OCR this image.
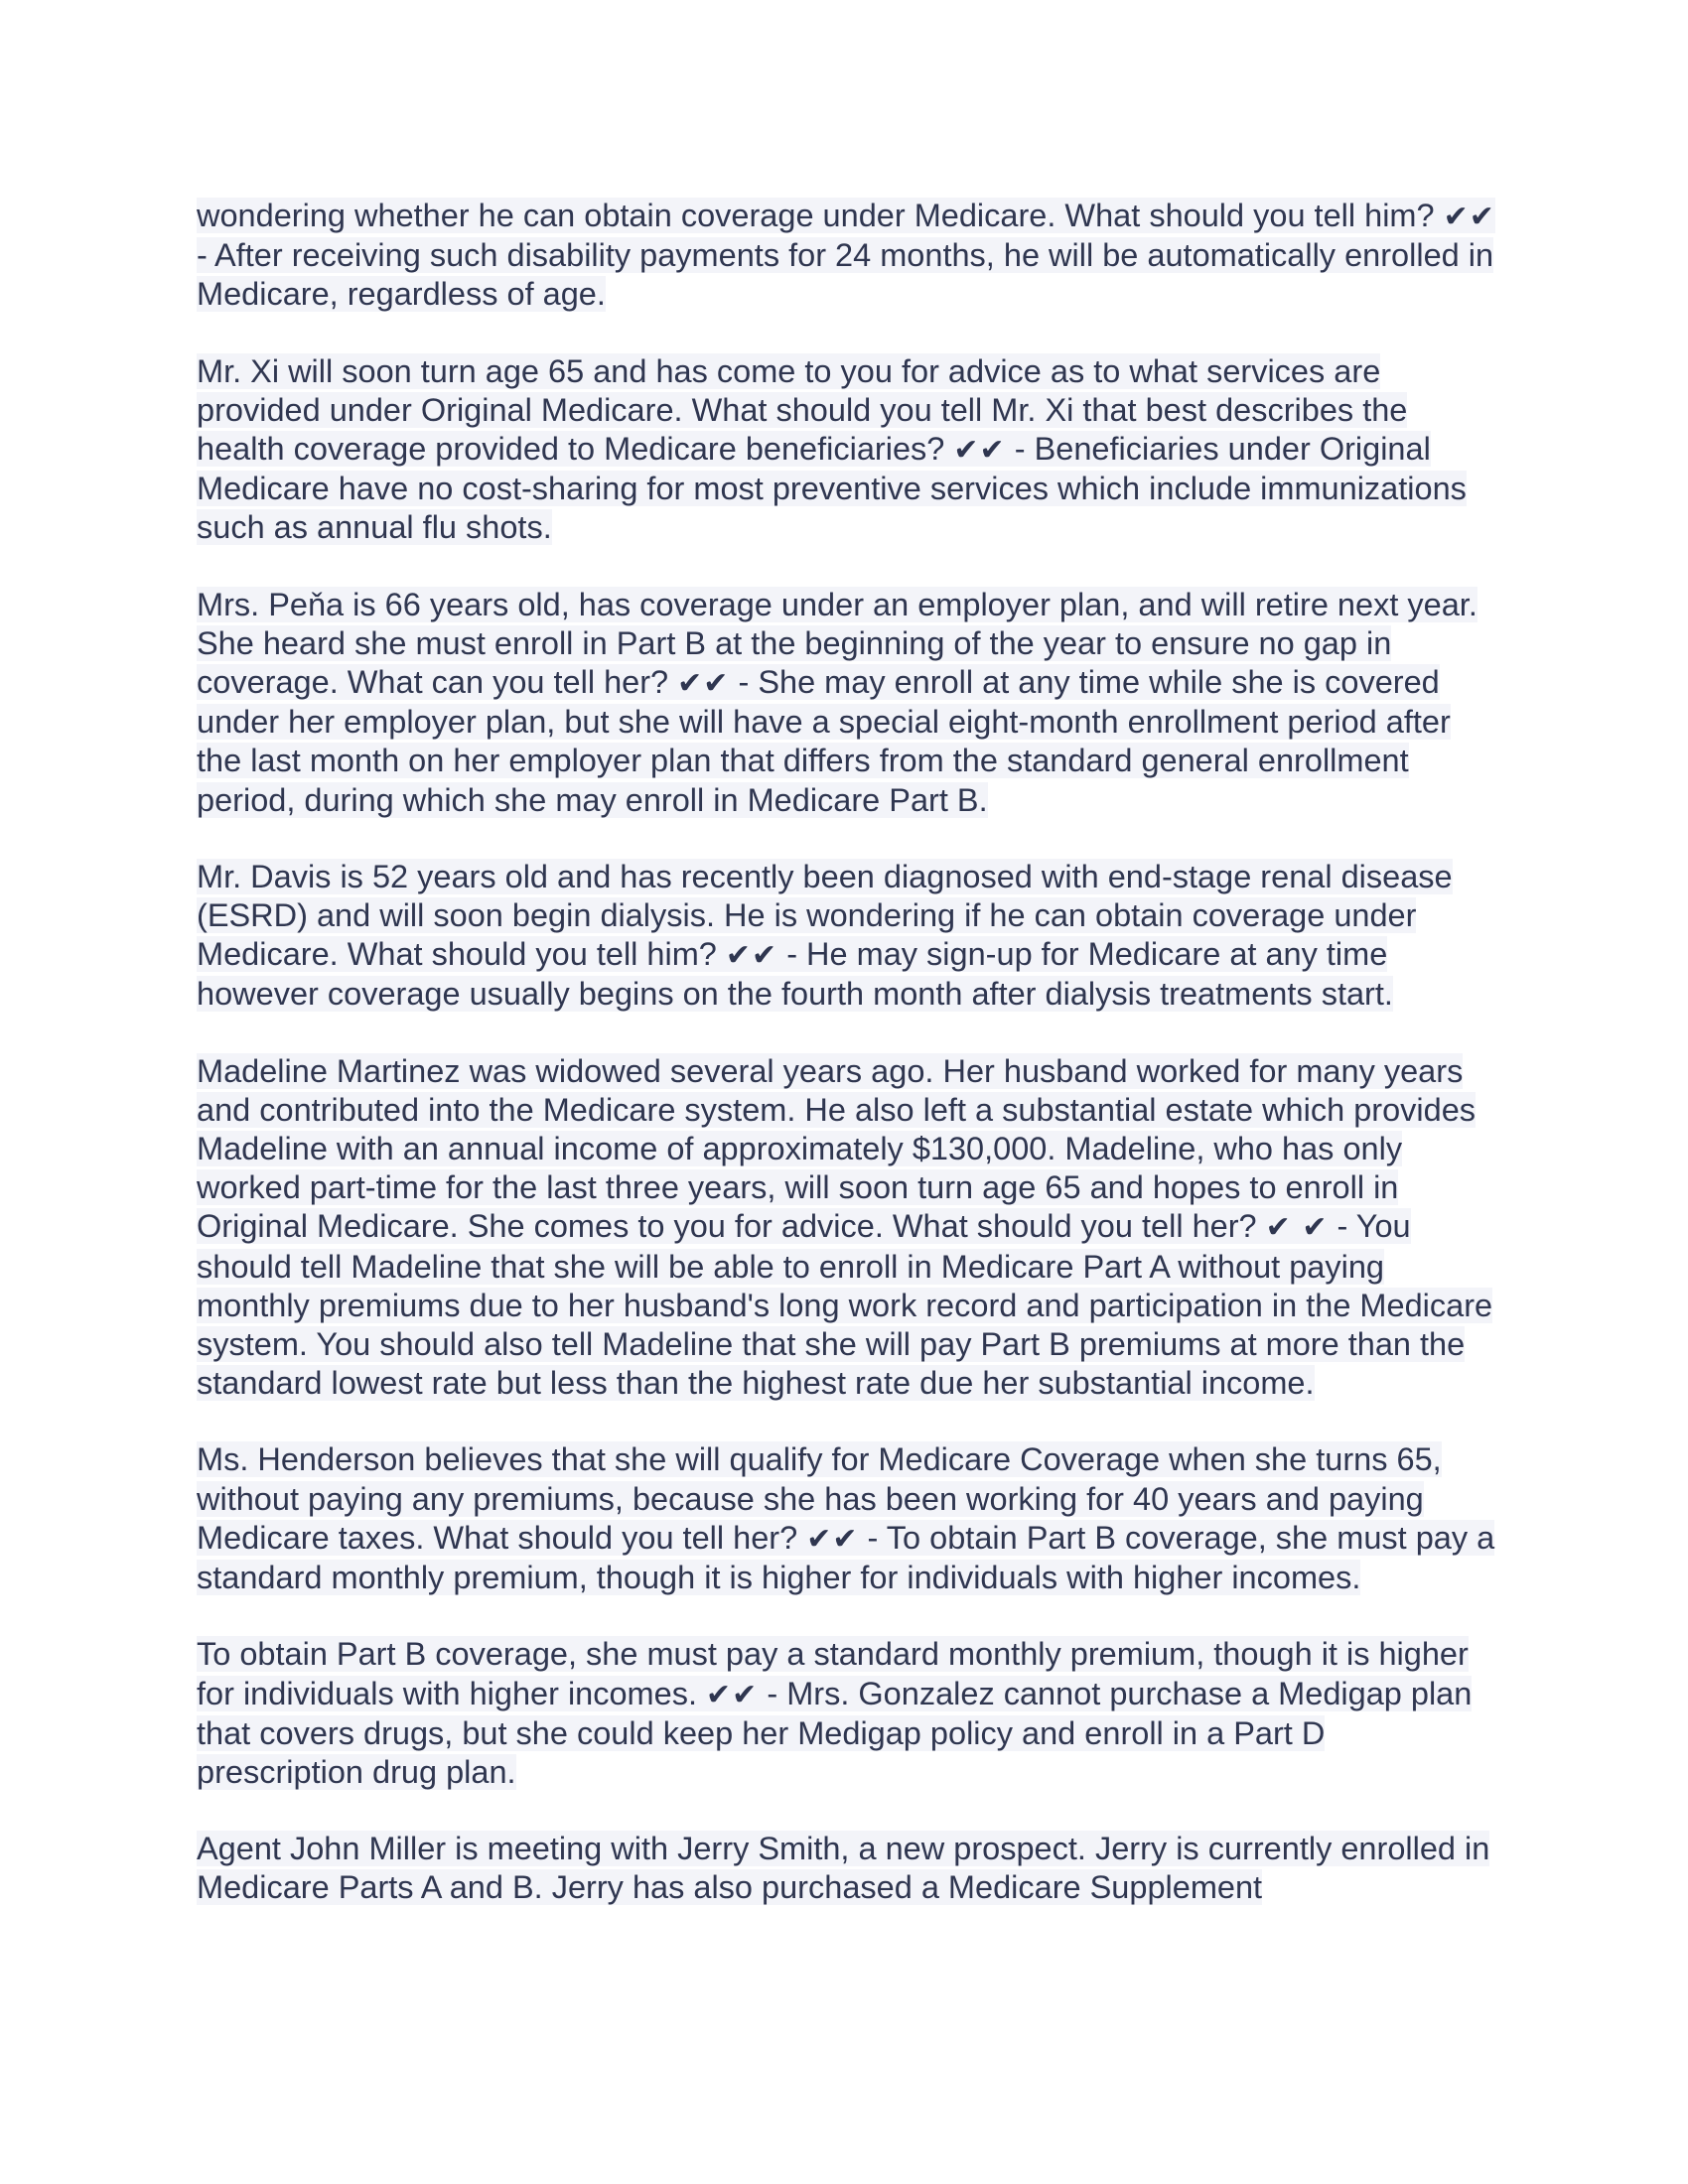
wondering whether he can obtain coverage under Medicare. What should you tell him? ✔✔ - After receiving such disability payments for 24 months, he will be automatically enrolled in Medicare, regardless of age.

Mr. Xi will soon turn age 65 and has come to you for advice as to what services are provided under Original Medicare. What should you tell Mr. Xi that best describes the health coverage provided to Medicare beneficiaries? ✔✔ - Beneficiaries under Original Medicare have no cost-sharing for most preventive services which include immunizations such as annual flu shots.

Mrs. Peňa is 66 years old, has coverage under an employer plan, and will retire next year. She heard she must enroll in Part B at the beginning of the year to ensure no gap in coverage. What can you tell her? ✔✔ - She may enroll at any time while she is covered under her employer plan, but she will have a special eight-month enrollment period after the last month on her employer plan that differs from the standard general enrollment period, during which she may enroll in Medicare Part B.

Mr. Davis is 52 years old and has recently been diagnosed with end-stage renal disease (ESRD) and will soon begin dialysis. He is wondering if he can obtain coverage under Medicare. What should you tell him? ✔✔ - He may sign-up for Medicare at any time however coverage usually begins on the fourth month after dialysis treatments start.

Madeline Martinez was widowed several years ago. Her husband worked for many years and contributed into the Medicare system. He also left a substantial estate which provides Madeline with an annual income of approximately $130,000. Madeline, who has only worked part-time for the last three years, will soon turn age 65 and hopes to enroll in Original Medicare. She comes to you for advice. What should you tell her? ✔ ✔ - You should tell Madeline that she will be able to enroll in Medicare Part A without paying monthly premiums due to her husband's long work record and participation in the Medicare system. You should also tell Madeline that she will pay Part B premiums at more than the standard lowest rate but less than the highest rate due her substantial income.

Ms. Henderson believes that she will qualify for Medicare Coverage when she turns 65, without paying any premiums, because she has been working for 40 years and paying Medicare taxes. What should you tell her? ✔✔ - To obtain Part B coverage, she must pay a standard monthly premium, though it is higher for individuals with higher incomes.

To obtain Part B coverage, she must pay a standard monthly premium, though it is higher for individuals with higher incomes. ✔✔ - Mrs. Gonzalez cannot purchase a Medigap plan that covers drugs, but she could keep her Medigap policy and enroll in a Part D prescription drug plan.

Agent John Miller is meeting with Jerry Smith, a new prospect. Jerry is currently enrolled in Medicare Parts A and B. Jerry has also purchased a Medicare Supplement
